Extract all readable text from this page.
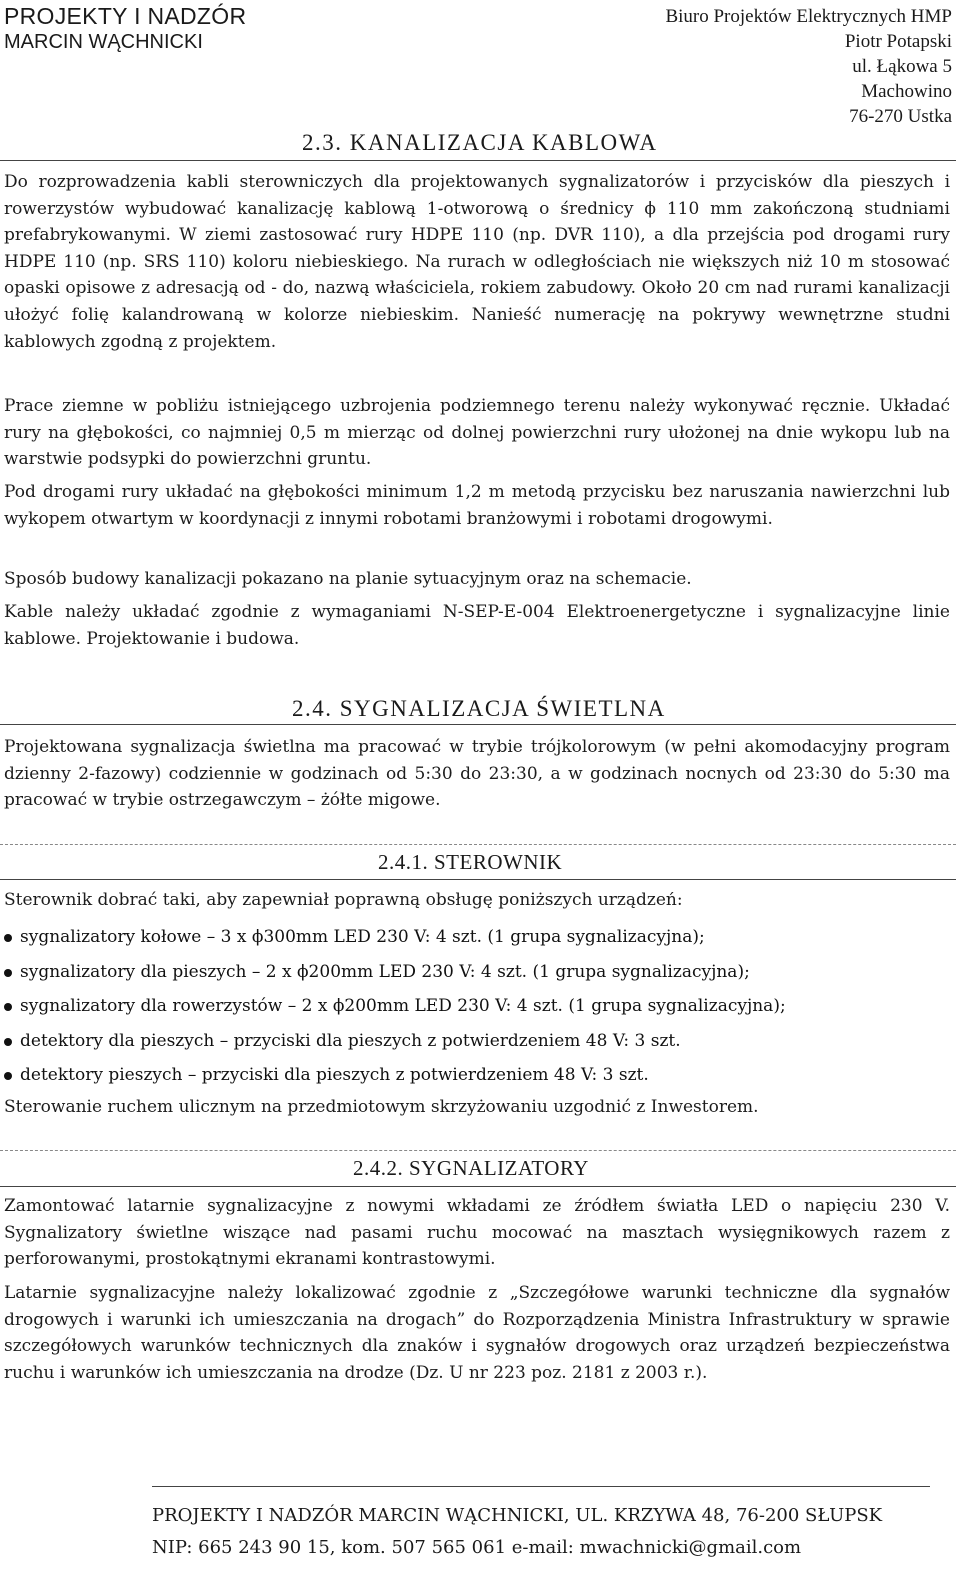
PROJEKTY I NADZÓR
MARCIN WĄCHNICKI
Biuro Projektów Elektrycznych HMP
Piotr Potapski
ul. Łąkowa 5
Machowino
76-270 Ustka
2.3. KANALIZACJA KABLOWA

Do rozprowadzenia kabli sterowniczych dla projektowanych sygnalizatorów i przycisków dla pieszych i rowerzystów wybudować kanalizację kablową 1-otworową o średnicy ϕ 110 mm zakończoną studniami prefabrykowanymi. W ziemi zastosować rury HDPE 110 (np. DVR 110), a dla przejścia pod drogami rury HDPE 110 (np. SRS 110) koloru niebieskiego. Na rurach w odległościach nie większych niż 10 m stosować opaski opisowe z adresacją od - do, nazwą właściciela, rokiem zabudowy. Około 20 cm nad rurami kanalizacji ułożyć folię kalandrowaną w kolorze niebieskim. Nanieść numerację na pokrywy wewnętrzne studni kablowych zgodną z projektem.

Prace ziemne w pobliżu istniejącego uzbrojenia podziemnego terenu należy wykonywać ręcznie. Układać rury na głębokości, co najmniej 0,5 m mierząc od dolnej powierzchni rury ułożonej na dnie wykopu lub na warstwie podsypki do powierzchni gruntu.

Pod drogami rury układać na głębokości minimum 1,2 m metodą przycisku bez naruszania nawierzchni lub wykopem otwartym w koordynacji z innymi robotami branżowymi i robotami drogowymi.

Sposób budowy kanalizacji pokazano na planie sytuacyjnym oraz na schemacie.

Kable należy układać zgodnie z wymaganiami N-SEP-E-004 Elektroenergetyczne i sygnalizacyjne linie kablowe. Projektowanie i budowa.

2.4. SYGNALIZACJA ŚWIETLNA

Projektowana sygnalizacja świetlna ma pracować w trybie trójkolorowym (w pełni akomodacyjny program dzienny 2-fazowy) codziennie w godzinach od 5:30 do 23:30, a w godzinach nocnych od 23:30 do 5:30 ma pracować w trybie ostrzegawczym – żółte migowe.

2.4.1. STEROWNIK

Sterownik dobrać taki, aby zapewniał poprawną obsługę poniższych urządzeń:

sygnalizatory kołowe – 3 x ϕ300mm LED 230 V: 4 szt. (1 grupa sygnalizacyjna);
sygnalizatory dla pieszych – 2 x ϕ200mm LED 230 V: 4 szt. (1 grupa sygnalizacyjna);
sygnalizatory dla rowerzystów – 2 x ϕ200mm LED 230 V: 4 szt. (1 grupa sygnalizacyjna);
detektory dla pieszych – przyciski dla pieszych z potwierdzeniem 48 V: 3 szt.
detektory pieszych – przyciski dla pieszych z potwierdzeniem 48 V: 3 szt.

Sterowanie ruchem ulicznym na przedmiotowym skrzyżowaniu uzgodnić z Inwestorem.

2.4.2. SYGNALIZATORY

Zamontować latarnie sygnalizacyjne z nowymi wkładami ze źródłem światła LED o napięciu 230 V. Sygnalizatory świetlne wiszące nad pasami ruchu mocować na masztach wysięgnikowych razem z perforowanymi, prostokątnymi ekranami kontrastowymi.

Latarnie sygnalizacyjne należy lokalizować zgodnie z „Szczegółowe warunki techniczne dla sygnałów drogowych i warunki ich umieszczania na drogach” do Rozporządzenia Ministra Infrastruktury w sprawie szczegółowych warunków technicznych dla znaków i sygnałów drogowych oraz urządzeń bezpieczeństwa ruchu i warunków ich umieszczania na drodze (Dz. U nr 223 poz. 2181 z 2003 r.).

PROJEKTY I NADZÓR MARCIN WĄCHNICKI, UL. KRZYWA 48, 76-200 SŁUPSK
NIP: 665 243 90 15, kom. 507 565 061 e-mail: mwachnicki@gmail.com
